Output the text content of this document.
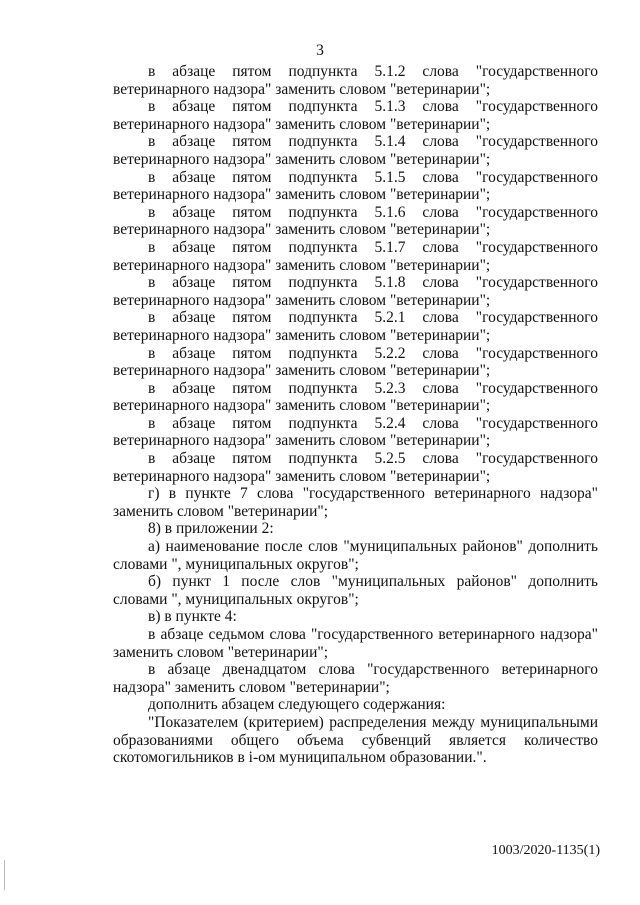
3

в абзаце пятом подпункта 5.1.2 слова "государственного ветеринарного надзора" заменить словом "ветеринарии";

в абзаце пятом подпункта 5.1.3 слова "государственного ветеринарного надзора" заменить словом "ветеринарии";

в абзаце пятом подпункта 5.1.4 слова "государственного ветеринарного надзора" заменить словом "ветеринарии";

в абзаце пятом подпункта 5.1.5 слова "государственного ветеринарного надзора" заменить словом "ветеринарии";

в абзаце пятом подпункта 5.1.6 слова "государственного ветеринарного надзора" заменить словом "ветеринарии";

в абзаце пятом подпункта 5.1.7 слова "государственного ветеринарного надзора" заменить словом "ветеринарии";

в абзаце пятом подпункта 5.1.8 слова "государственного ветеринарного надзора" заменить словом "ветеринарии";

в абзаце пятом подпункта 5.2.1 слова "государственного ветеринарного надзора" заменить словом "ветеринарии";

в абзаце пятом подпункта 5.2.2 слова "государственного ветеринарного надзора" заменить словом "ветеринарии";

в абзаце пятом подпункта 5.2.3 слова "государственного ветеринарного надзора" заменить словом "ветеринарии";

в абзаце пятом подпункта 5.2.4 слова "государственного ветеринарного надзора" заменить словом "ветеринарии";

в абзаце пятом подпункта 5.2.5 слова "государственного ветеринарного надзора" заменить словом "ветеринарии";

г) в пункте 7 слова "государственного ветеринарного надзора" заменить словом "ветеринарии";

8) в приложении 2:

а) наименование после слов "муниципальных районов" дополнить словами ", муниципальных округов";

б) пункт 1 после слов "муниципальных районов" дополнить словами ", муниципальных округов";

в) в пункте 4:

в абзаце седьмом слова "государственного ветеринарного надзора" заменить словом "ветеринарии";

в абзаце двенадцатом слова "государственного ветеринарного надзора" заменить словом "ветеринарии";

дополнить абзацем следующего содержания:

"Показателем (критерием) распределения между муниципальными образованиями общего объема субвенций является количество скотомогильников в i-ом муниципальном образовании.".

1003/2020-1135(1)
